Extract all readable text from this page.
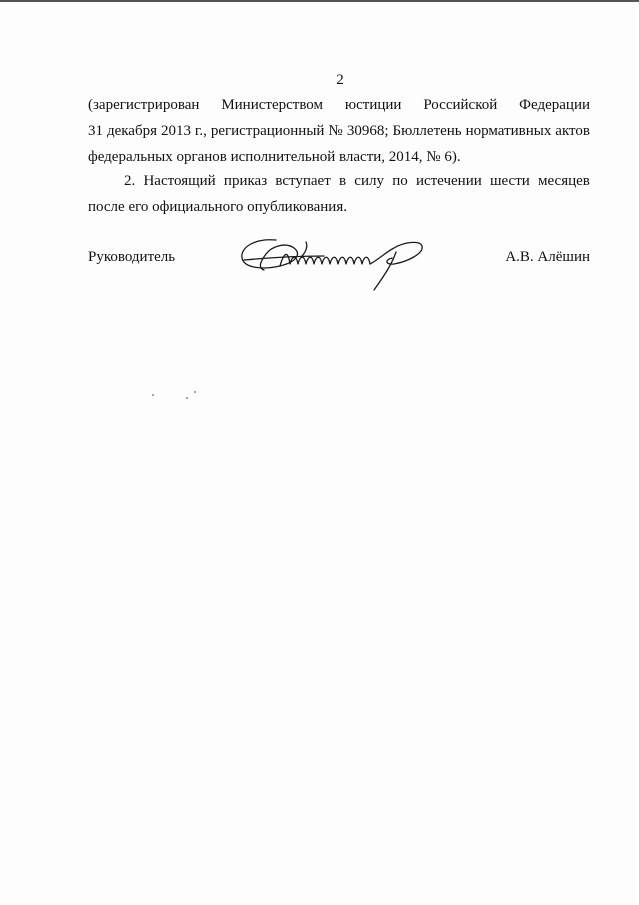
2
(зарегистрирован Министерством юстиции Российской Федерации
31 декабря 2013 г., регистрационный № 30968; Бюллетень нормативных актов
федеральных органов исполнительной власти, 2014, № 6).
2. Настоящий приказ вступает в силу по истечении шести месяцев
после его официального опубликования.
Руководитель	А.В. Алёшин
